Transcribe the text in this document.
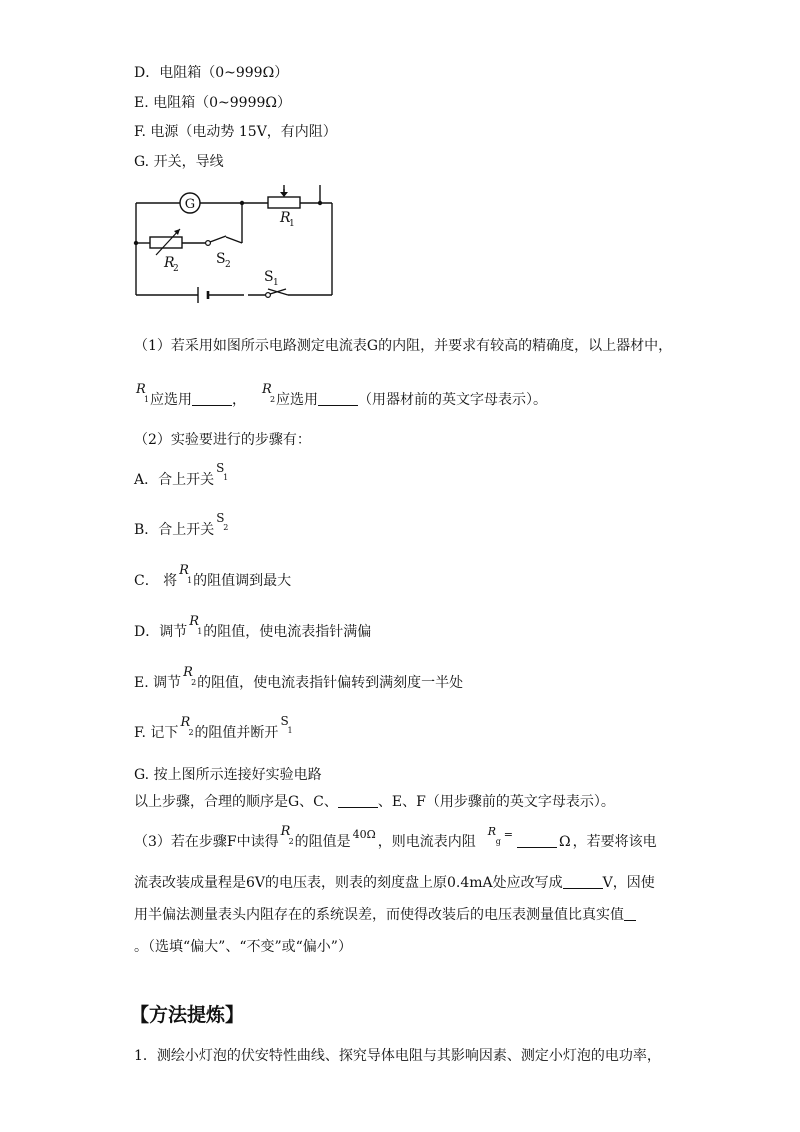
D．电阻箱（0~999Ω）
E. 电阻箱（0~9999Ω）
F. 电源（电动势 15V，有内阻）
G. 开关，导线
G
R
1
R
2
S 2
S 1
（1）若采用如图所示电路测定电流表G的内阻，并要求有较高的精确度，以上器材中，
R
1 应选用	，
R
2 应选用	（用器材前的英文字母表示）。
（2）实验要进行的步骤有：
A．合上开关
S
1
B．合上开关
S
2
C． 将
R
1 的阻值调到最大
D．调节
R
1 的阻值，使电流表指针满偏
E. 调节
R
2 的阻值，使电流表指针偏转到满刻度一半处
F. 记下
R
2 的阻值并断开
S
1
G. 按上图所示连接好实验电路
以上步骤，合理的顺序是G、C、	、E、F（用步骤前的英文字母表示）。
（3）若在步骤F中读得
R
2 的阻值是 40Ω ，则电流表内阻
R
g
=	Ω ，若要将该电
流表改装成量程是6V的电压表，则表的刻度盘上原0.4mA处应改写成	V，因使
用半偏法测量表头内阻存在的系统误差，而使得改装后的电压表测量值比真实值
。（选填“偏大”、“不变”或“偏小”）
【方法提炼】
1．测绘小灯泡的伏安特性曲线、探究导体电阻与其影响因素、测定小灯泡的电功率，
